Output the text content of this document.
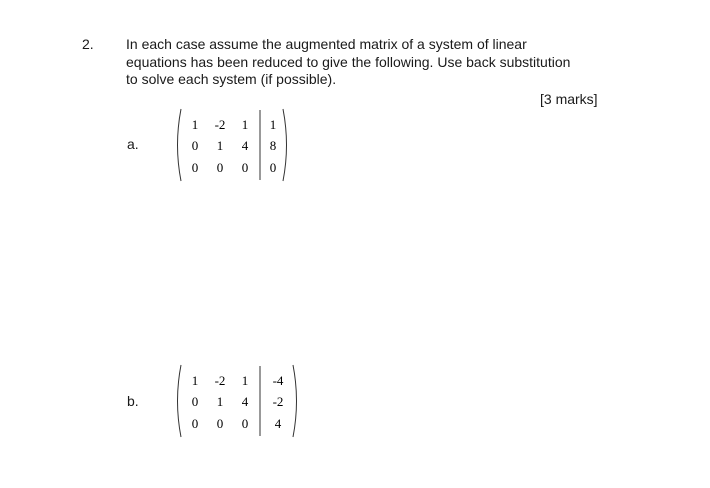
2. In each case assume the augmented matrix of a system of linear
equations has been reduced to give the following. Use back substitution
to solve each system (if possible).
[3 marks]
a.
1 -2 1 1
0 1 4 8
0 0 0 0
b.
1 -2 1 -4
0 1 4 -2
0 0 0 4
